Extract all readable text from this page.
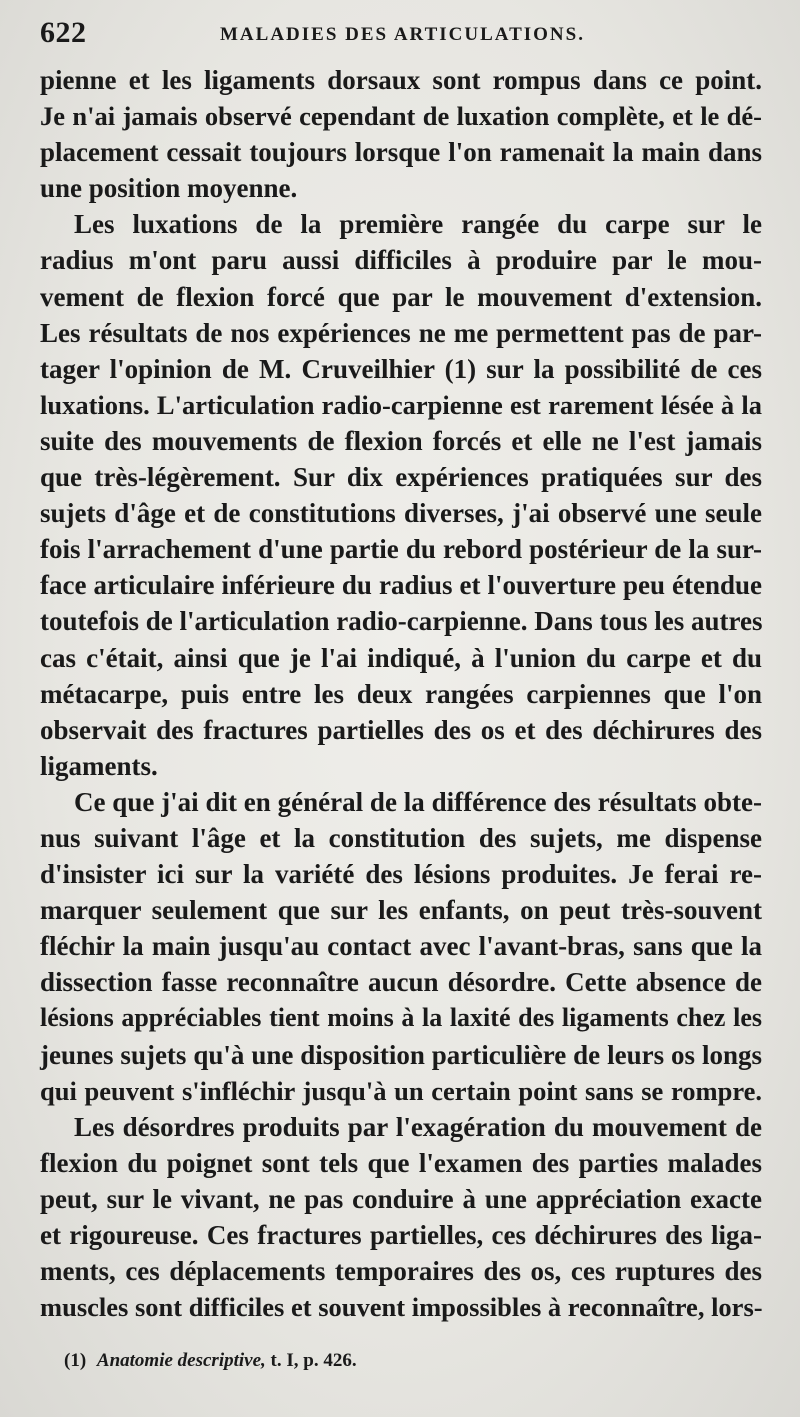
622	MALADIES DES ARTICULATIONS.
pienne et les ligaments dorsaux sont rompus dans ce point.
Je n'ai jamais observé cependant de luxation complète, et le dé-
placement cessait toujours lorsque l'on ramenait la main dans
une position moyenne.
Les luxations de la première rangée du carpe sur le
radius m'ont paru aussi difficiles à produire par le mou-
vement de flexion forcé que par le mouvement d'extension.
Les résultats de nos expériences ne me permettent pas de par-
tager l'opinion de M. Cruveilhier (1) sur la possibilité de ces
luxations. L'articulation radio-carpienne est rarement lésée à la
suite des mouvements de flexion forcés et elle ne l'est jamais
que très-légèrement. Sur dix expériences pratiquées sur des
sujets d'âge et de constitutions diverses, j'ai observé une seule
fois l'arrachement d'une partie du rebord postérieur de la sur-
face articulaire inférieure du radius et l'ouverture peu étendue
toutefois de l'articulation radio-carpienne. Dans tous les autres
cas c'était, ainsi que je l'ai indiqué, à l'union du carpe et du
métacarpe, puis entre les deux rangées carpiennes que l'on
observait des fractures partielles des os et des déchirures des
ligaments.
Ce que j'ai dit en général de la différence des résultats obte-
nus suivant l'âge et la constitution des sujets, me dispense
d'insister ici sur la variété des lésions produites. Je ferai re-
marquer seulement que sur les enfants, on peut très-souvent
fléchir la main jusqu'au contact avec l'avant-bras, sans que la
dissection fasse reconnaître aucun désordre. Cette absence de
lésions appréciables tient moins à la laxité des ligaments chez les
jeunes sujets qu'à une disposition particulière de leurs os longs
qui peuvent s'infléchir jusqu'à un certain point sans se rompre.
Les désordres produits par l'exagération du mouvement de
flexion du poignet sont tels que l'examen des parties malades
peut, sur le vivant, ne pas conduire à une appréciation exacte
et rigoureuse. Ces fractures partielles, ces déchirures des liga-
ments, ces déplacements temporaires des os, ces ruptures des
muscles sont difficiles et souvent impossibles à reconnaître, lors-
(1) Anatomie descriptive, t. I, p. 426.
